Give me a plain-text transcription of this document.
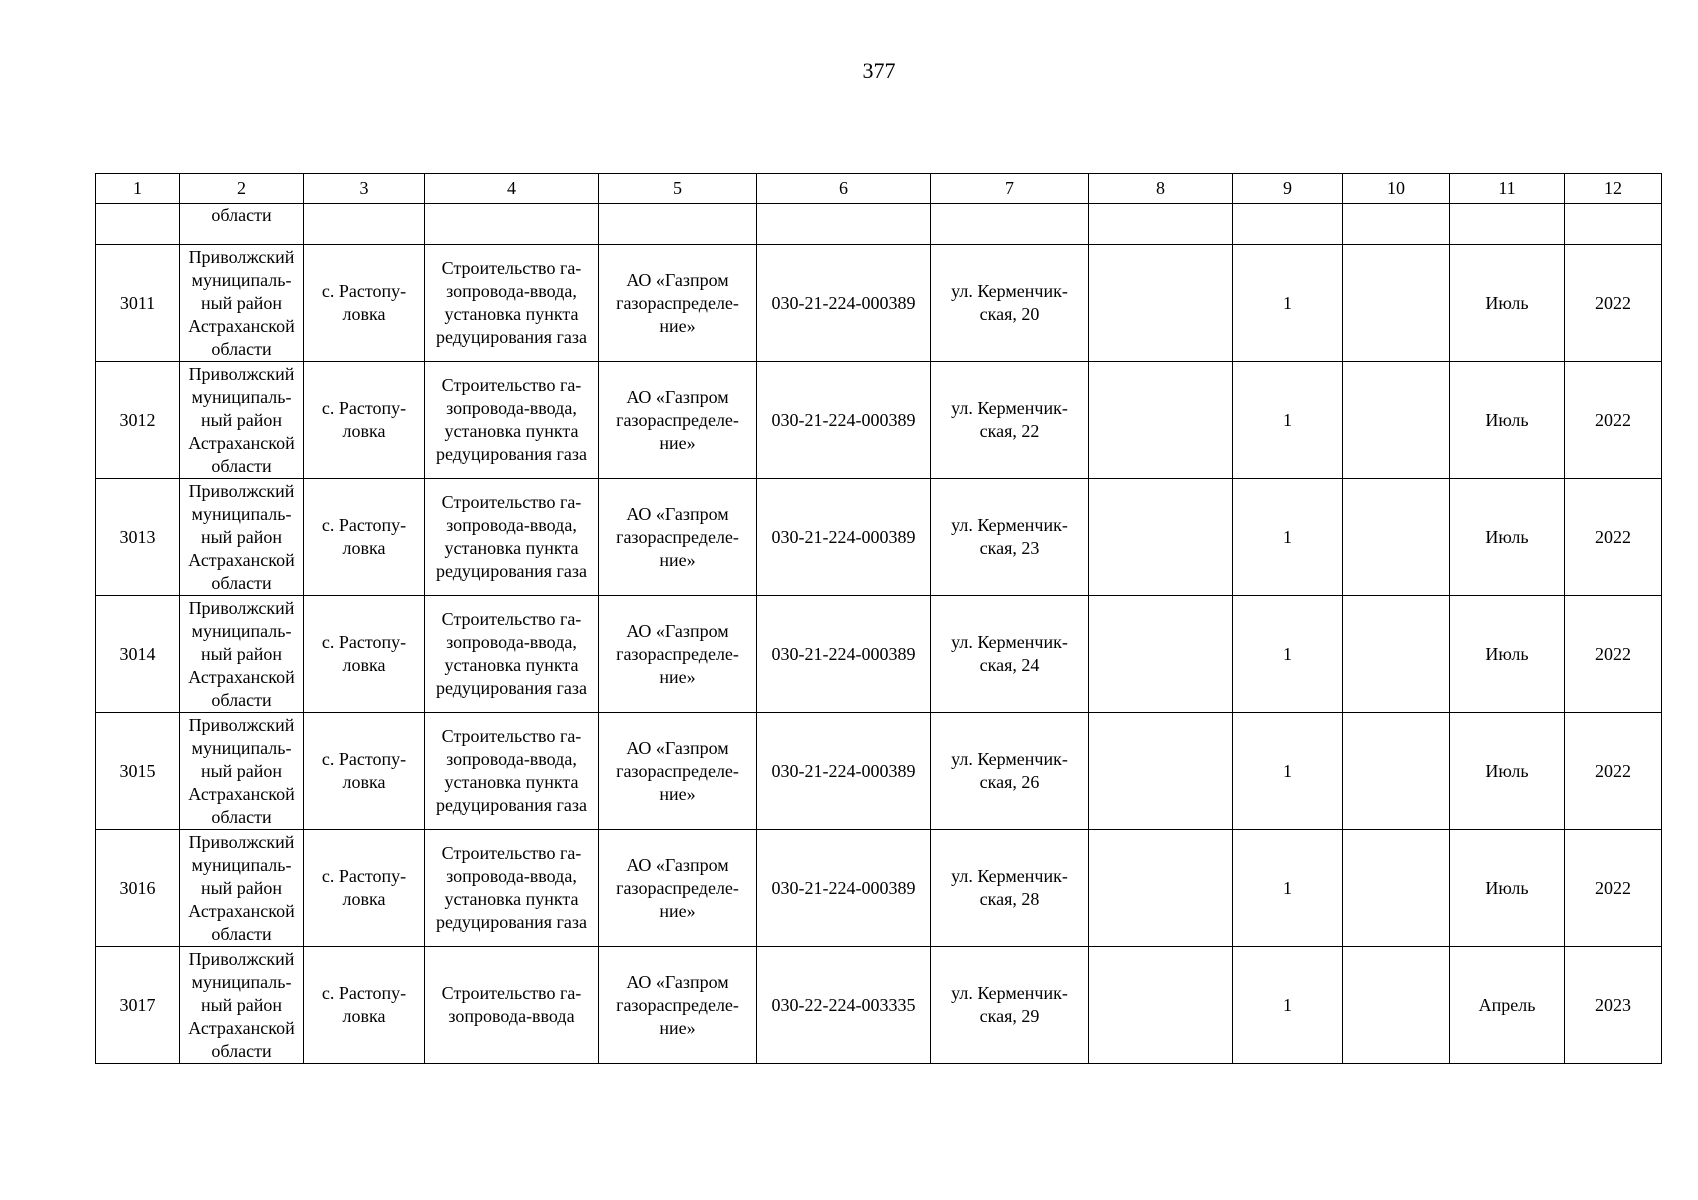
377
1	2	3	4	5	6	7	8	9	10	11	12
	области										
3011	Приволжский
муниципаль-
ный район
Астраханской
области	с. Растопу-
ловка	Строительство га-
зопровода-ввода,
установка пункта
редуцирования газа	АО «Газпром
газораспределе-
ние»	030-21-224-000389	ул. Керменчик-
ская, 20		1		Июль	2022
3012	Приволжский
муниципаль-
ный район
Астраханской
области	с. Растопу-
ловка	Строительство га-
зопровода-ввода,
установка пункта
редуцирования газа	АО «Газпром
газораспределе-
ние»	030-21-224-000389	ул. Керменчик-
ская, 22		1		Июль	2022
3013	Приволжский
муниципаль-
ный район
Астраханской
области	с. Растопу-
ловка	Строительство га-
зопровода-ввода,
установка пункта
редуцирования газа	АО «Газпром
газораспределе-
ние»	030-21-224-000389	ул. Керменчик-
ская, 23		1		Июль	2022
3014	Приволжский
муниципаль-
ный район
Астраханской
области	с. Растопу-
ловка	Строительство га-
зопровода-ввода,
установка пункта
редуцирования газа	АО «Газпром
газораспределе-
ние»	030-21-224-000389	ул. Керменчик-
ская, 24		1		Июль	2022
3015	Приволжский
муниципаль-
ный район
Астраханской
области	с. Растопу-
ловка	Строительство га-
зопровода-ввода,
установка пункта
редуцирования газа	АО «Газпром
газораспределе-
ние»	030-21-224-000389	ул. Керменчик-
ская, 26		1		Июль	2022
3016	Приволжский
муниципаль-
ный район
Астраханской
области	с. Растопу-
ловка	Строительство га-
зопровода-ввода,
установка пункта
редуцирования газа	АО «Газпром
газораспределе-
ние»	030-21-224-000389	ул. Керменчик-
ская, 28		1		Июль	2022
3017	Приволжский
муниципаль-
ный район
Астраханской
области	с. Растопу-
ловка	Строительство га-
зопровода-ввода	АО «Газпром
газораспределе-
ние»	030-22-224-003335	ул. Керменчик-
ская, 29		1		Апрель	2023
